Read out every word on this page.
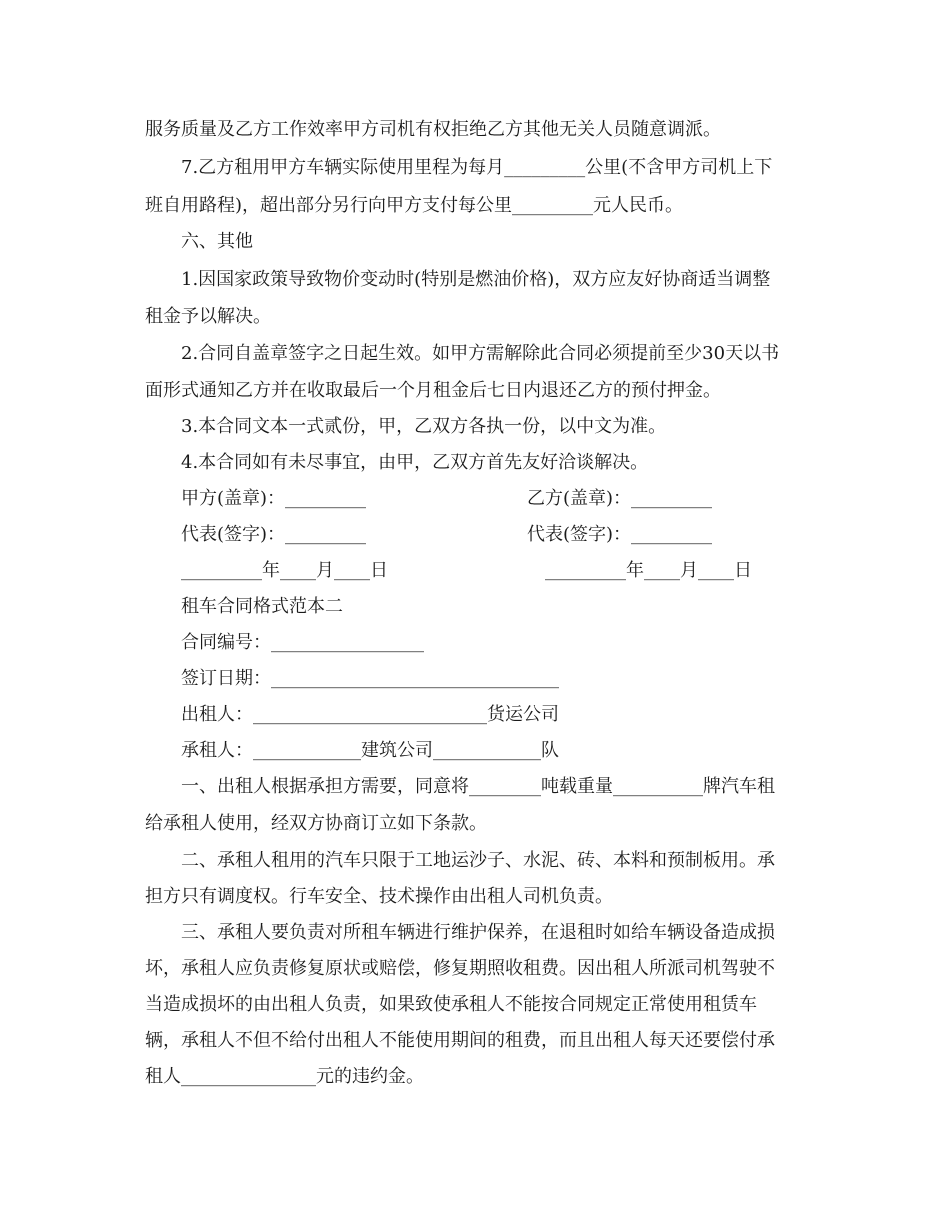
服务质量及乙方工作效率甲方司机有权拒绝乙方其他无关人员随意调派。
7.乙方租用甲方车辆实际使用里程为每月_________公里(不含甲方司机上下
班自用路程)，超出部分另行向甲方支付每公里_________元人民币。
六、其他
1.因国家政策导致物价变动时(特别是燃油价格)，双方应友好协商适当调整
租金予以解决。
2.合同自盖章签字之日起生效。如甲方需解除此合同必须提前至少30天以书
面形式通知乙方并在收取最后一个月租金后七日内退还乙方的预付押金。
3.本合同文本一式贰份，甲，乙双方各执一份，以中文为准。
4.本合同如有未尽事宜，由甲，乙双方首先友好洽谈解决。
甲方(盖章)：_________	乙方(盖章)：_________
代表(签字)：_________	代表(签字)：_________
_________年____月____日	_________年____月____日
租车合同格式范本二
合同编号：_________________
签订日期：________________________________
出租人：__________________________货运公司
承租人：____________建筑公司____________队
一、出租人根据承担方需要，同意将________吨载重量__________牌汽车租
给承租人使用，经双方协商订立如下条款。
二、承租人租用的汽车只限于工地运沙子、水泥、砖、本料和预制板用。承
担方只有调度权。行车安全、技术操作由出租人司机负责。
三、承租人要负责对所租车辆进行维护保养，在退租时如给车辆设备造成损
坏，承租人应负责修复原状或赔偿，修复期照收租费。因出租人所派司机驾驶不
当造成损坏的由出租人负责，如果致使承租人不能按合同规定正常使用租赁车
辆，承租人不但不给付出租人不能使用期间的租费，而且出租人每天还要偿付承
租人_______________元的违约金。
